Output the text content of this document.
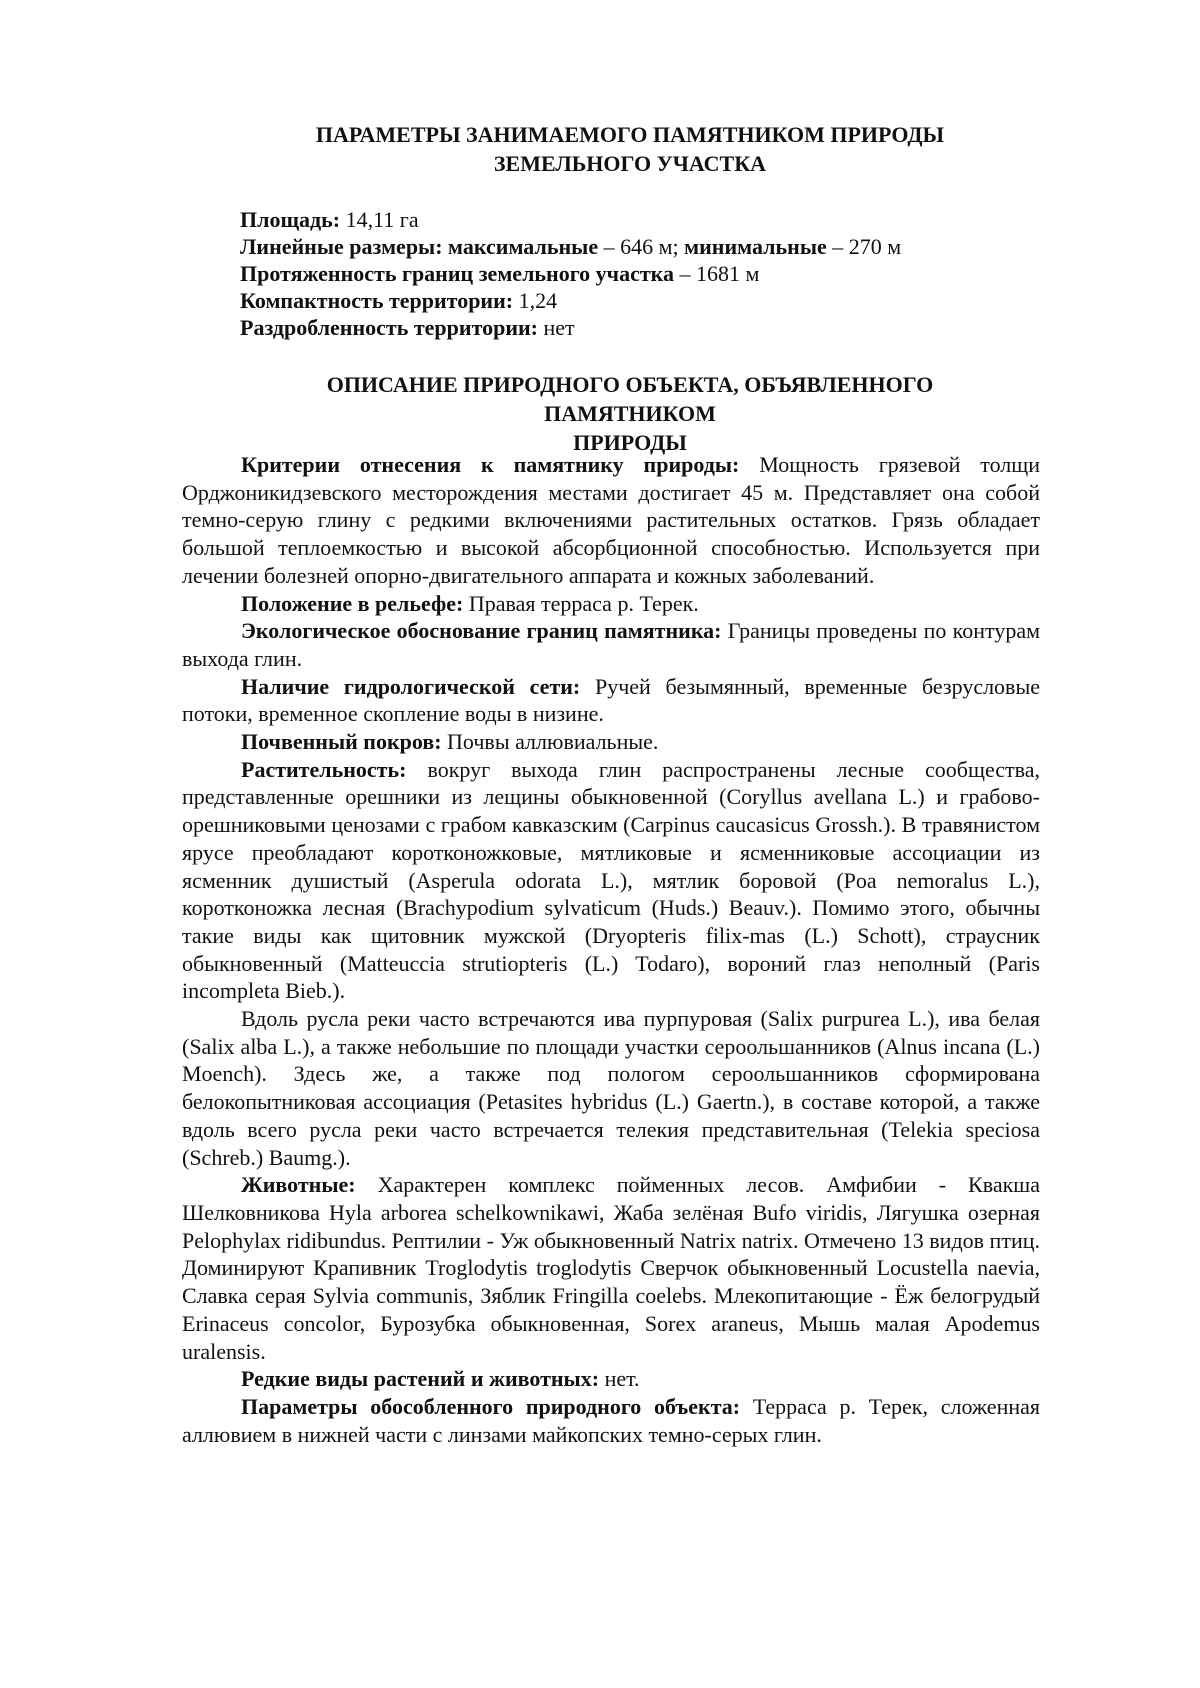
ПАРАМЕТРЫ ЗАНИМАЕМОГО ПАМЯТНИКОМ ПРИРОДЫ
ЗЕМЕЛЬНОГО УЧАСТКА

Площадь: 14,11 га

Линейные размеры: максимальные – 646 м; минимальные – 270 м

Протяженность границ земельного участка – 1681 м

Компактность территории: 1,24

Раздробленность территории: нет

ОПИСАНИЕ ПРИРОДНОГО ОБЪЕКТА, ОБЪЯВЛЕННОГО ПАМЯТНИКОМ
ПРИРОДЫ

Критерии отнесения к памятнику природы: Мощность грязевой толщи Орджоникидзевского месторождения местами достигает 45 м. Представляет она собой темно-серую глину с редкими включениями растительных остатков. Грязь обладает большой теплоемкостью и высокой абсорбционной способностью. Используется при лечении болезней опорно-двигательного аппарата и кожных заболеваний.

Положение в рельефе: Правая терраса р. Терек.

Экологическое обоснование границ памятника: Границы проведены по контурам выхода глин.

Наличие гидрологической сети: Ручей безымянный, временные безрусловые потоки, временное скопление воды в низине.

Почвенный покров: Почвы аллювиальные.

Растительность: вокруг выхода глин распространены лесные сообщества, представленные орешники из лещины обыкновенной (Coryllus avellana L.) и грабово-орешниковыми ценозами с грабом кавказским (Carpinus caucasicus Grossh.). В травянистом ярусе преобладают коротконожковые, мятликовые и ясменниковые ассоциации из ясменник душистый (Asperula odorata L.), мятлик боровой (Poa nemoralus L.), коротконожка лесная (Brachypodium sylvaticum (Huds.) Beauv.). Помимо этого, обычны такие виды как щитовник мужской (Dryopteris filix-mas (L.) Schott), страусник обыкновенный (Matteuccia strutiopteris (L.) Todaro), вороний глаз неполный (Paris incompleta Bieb.).

Вдоль русла реки часто встречаются ива пурпуровая (Salix purpurea L.), ива белая (Salix alba L.), а также небольшие по площади участки сероольшанников (Alnus incana (L.) Moench). Здесь же, а также под пологом сероольшанников сформирована белокопытниковая ассоциация (Petasites hybridus (L.) Gaertn.), в составе которой, а также вдоль всего русла реки часто встречается телекия представительная (Telekia speciosa (Schreb.) Baumg.).

Животные: Характерен комплекс пойменных лесов. Амфибии - Квакша Шелковникова Hyla arborea schelkownikawi, Жаба зелёная Bufo viridis, Лягушка озерная Pelophylax ridibundus. Рептилии - Уж обыкновенный Natrix natrix. Отмечено 13 видов птиц. Доминируют Крапивник Troglodytis troglodytis Сверчок обыкновенный Locustella naevia, Славка серая Sylvia communis, Зяблик Fringilla coelebs. Млекопитающие - Ёж белогрудый Erinaceus concolor, Бурозубка обыкновенная, Sorex araneus, Мышь малая Apodemus uralensis.

Редкие виды растений и животных: нет.

Параметры обособленного природного объекта: Терраса р. Терек, сложенная аллювием в нижней части с линзами майкопских темно-серых глин.
